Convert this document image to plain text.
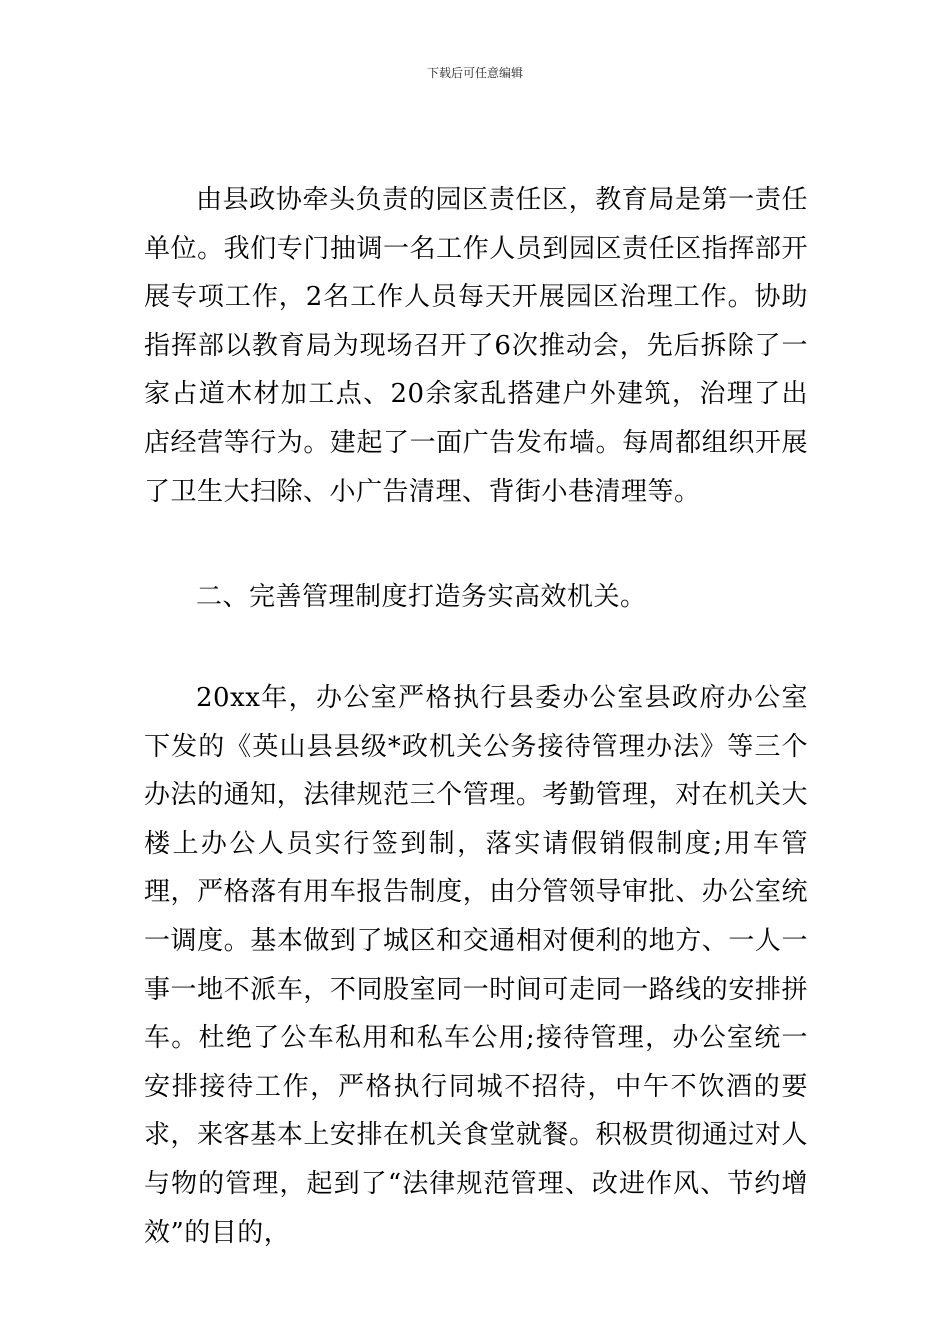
下载后可任意编辑

由县政协牵头负责的园区责任区，教育局是第一责任单位。我们专门抽调一名工作人员到园区责任区指挥部开展专项工作，2名工作人员每天开展园区治理工作。协助指挥部以教育局为现场召开了6次推动会，先后拆除了一家占道木材加工点、20余家乱搭建户外建筑，治理了出店经营等行为。建起了一面广告发布墙。每周都组织开展了卫生大扫除、小广告清理、背街小巷清理等。

二、完善管理制度打造务实高效机关。

20xx年，办公室严格执行县委办公室县政府办公室下发的《英山县县级*政机关公务接待管理办法》等三个办法的通知，法律规范三个管理。考勤管理，对在机关大楼上办公人员实行签到制，落实请假销假制度;用车管理，严格落有用车报告制度，由分管领导审批、办公室统一调度。基本做到了城区和交通相对便利的地方、一人一事一地不派车，不同股室同一时间可走同一路线的安排拼车。杜绝了公车私用和私车公用;接待管理，办公室统一安排接待工作，严格执行同城不招待，中午不饮酒的要求，来客基本上安排在机关食堂就餐。积极贯彻通过对人与物的管理，起到了“法律规范管理、改进作风、节约增效”的目的，
